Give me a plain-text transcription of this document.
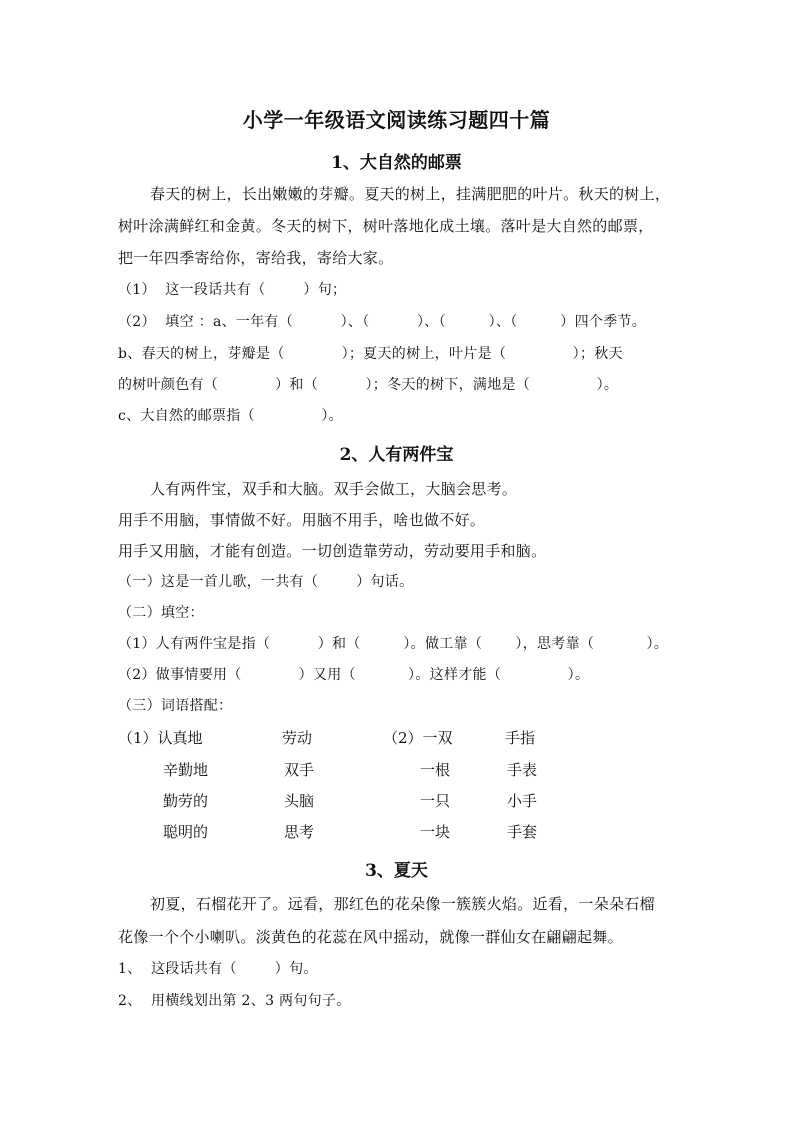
小学一年级语文阅读练习题四十篇
1、大自然的邮票
春天的树上，长出嫩嫩的芽瓣。夏天的树上，挂满肥肥的叶片。秋天的树上，
树叶涂满鲜红和金黄。冬天的树下，树叶落地化成土壤。落叶是大自然的邮票，
把一年四季寄给你，寄给我，寄给大家。
（1）  这一段话共有（        ）句；
（2）  填空 ：a、一年有（          ）、（          ）、（         ）、（         ）四个季节。
b、春天的树上，芽瓣是（            ）；夏天的树上，叶片是（              ）；秋天
的树叶颜色有（            ）和（          ）；冬天的树下，满地是（              ）。
c、大自然的邮票指（              ）。
2、人有两件宝
人有两件宝，双手和大脑。双手会做工，大脑会思考。
用手不用脑，事情做不好。用脑不用手，啥也做不好。
用手又用脑，才能有创造。一切创造靠劳动，劳动要用手和脑。
（一）这是一首儿歌，一共有（        ）句话。
（二）填空：
（1）人有两件宝是指（          ）和（         ）。做工靠（       ），思考靠（           ）。
（2）做事情要用（            ）又用（           ）。这样才能（              ）。
（三）词语搭配：
（1）认真地
辛勤地
勤劳的
聪明的
劳动
双手
头脑
思考
（2）一双
一根
一只
一块
手指
手表
小手
手套
3、夏天
初夏，石榴花开了。远看，那红色的花朵像一簇簇火焰。近看，一朵朵石榴
花像一个个小喇叭。淡黄色的花蕊在风中摇动，就像一群仙女在翩翩起舞。
1、  这段话共有（        ）句。
2、  用横线划出第 2、3 两句句子。
